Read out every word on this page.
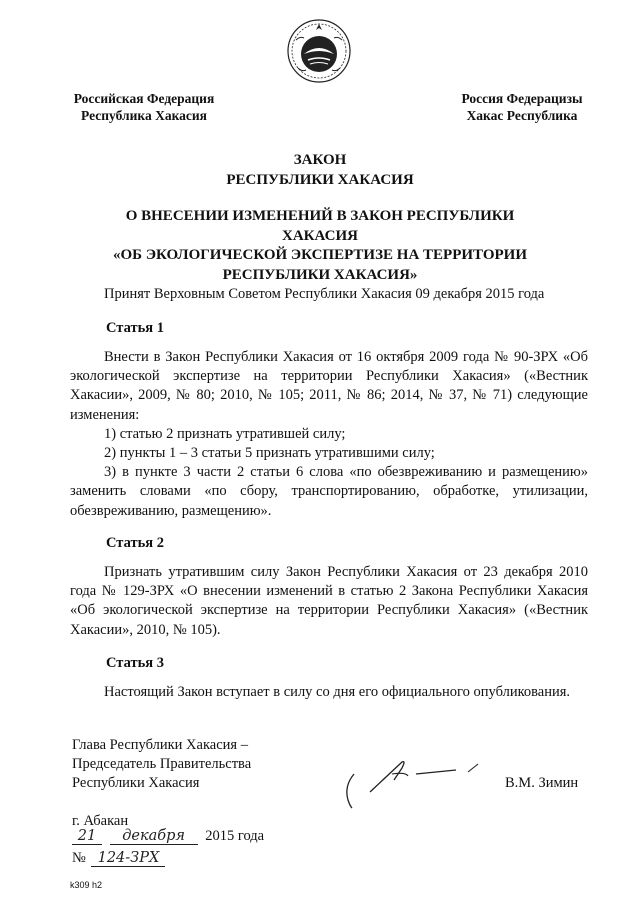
Российская Федерация
Республика Хакасия
Россия Федерацизы
Хакас Республика
ЗАКОН
РЕСПУБЛИКИ ХАКАСИЯ
О ВНЕСЕНИИ ИЗМЕНЕНИЙ В ЗАКОН РЕСПУБЛИКИ ХАКАСИЯ
«ОБ ЭКОЛОГИЧЕСКОЙ ЭКСПЕРТИЗЕ НА ТЕРРИТОРИИ
РЕСПУБЛИКИ ХАКАСИЯ»
Принят Верховным Советом Республики Хакасия 09 декабря 2015 года
Статья 1

Внести в Закон Республики Хакасия от 16 октября 2009 года № 90-ЗРХ «Об экологической экспертизе на территории Республики Хакасия» («Вестник Хакасии», 2009, № 80; 2010, № 105; 2011, № 86; 2014, № 37, № 71) следующие изменения:

1) статью 2 признать утратившей силу;

2) пункты 1 – 3 статьи 5 признать утратившими силу;

3) в пункте 3 части 2 статьи 6 слова «по обезвреживанию и размещению» заменить словами «по сбору, транспортированию, обработке, утилизации, обезвреживанию, размещению».

Статья 2

Признать утратившим силу Закон Республики Хакасия от 23 декабря 2010 года № 129-ЗРХ «О внесении изменений в статью 2 Закона Республики Хакасия «Об экологической экспертизе на территории Республики Хакасия» («Вестник Хакасии», 2010, № 105).

Статья 3

Настоящий Закон вступает в силу со дня его официального опубликования.

Глава Республики Хакасия –
Председатель Правительства
Республики Хакасия	В.М. Зимин
г. Абакан
21 декабря 2015 года
№ 124-ЗРХ
k309 h2
